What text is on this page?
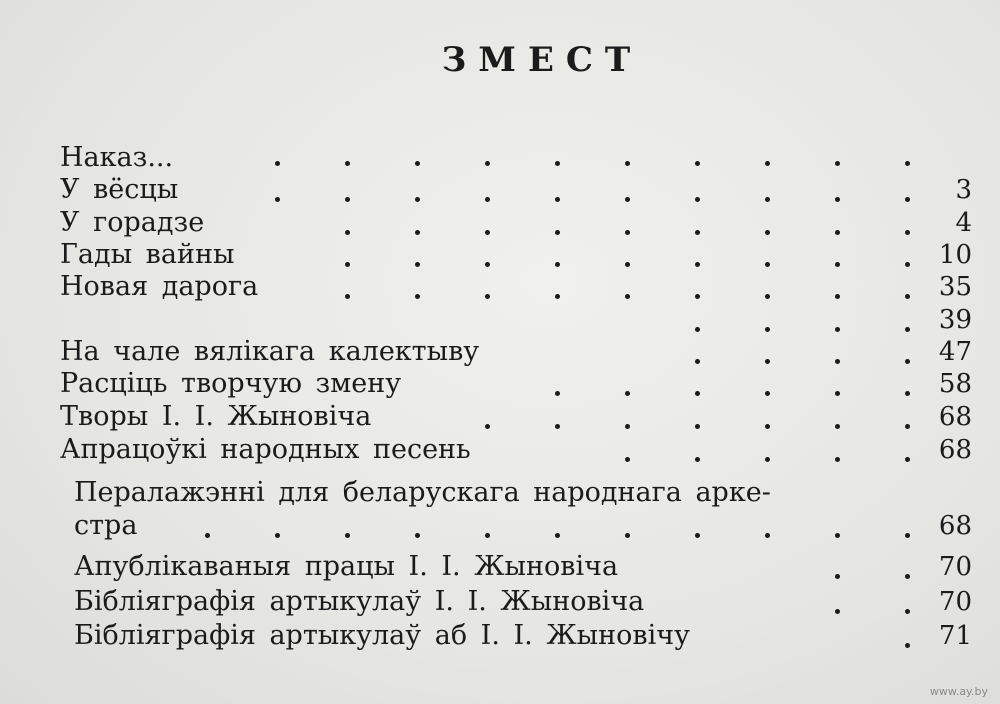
ЗМЕСТ
Наказ...
У вёсцы	3
У горадзе	4
Гады вайны	10
Новая дарога	35
39
На чале вялікага калектыву	47
Расціць творчую змену	58
Творы І. І. Жыновіча	68
Апрацоўкі народных песень	68
Пералажэнні для беларускага народнага арке-
стра	68
Апублікаваныя працы І. І. Жыновіча	70
Бібліяграфія артыкулаў І. І. Жыновіча	70
Бібліяграфія артыкулаў аб І. І. Жыновічу	71
www.ay.by
